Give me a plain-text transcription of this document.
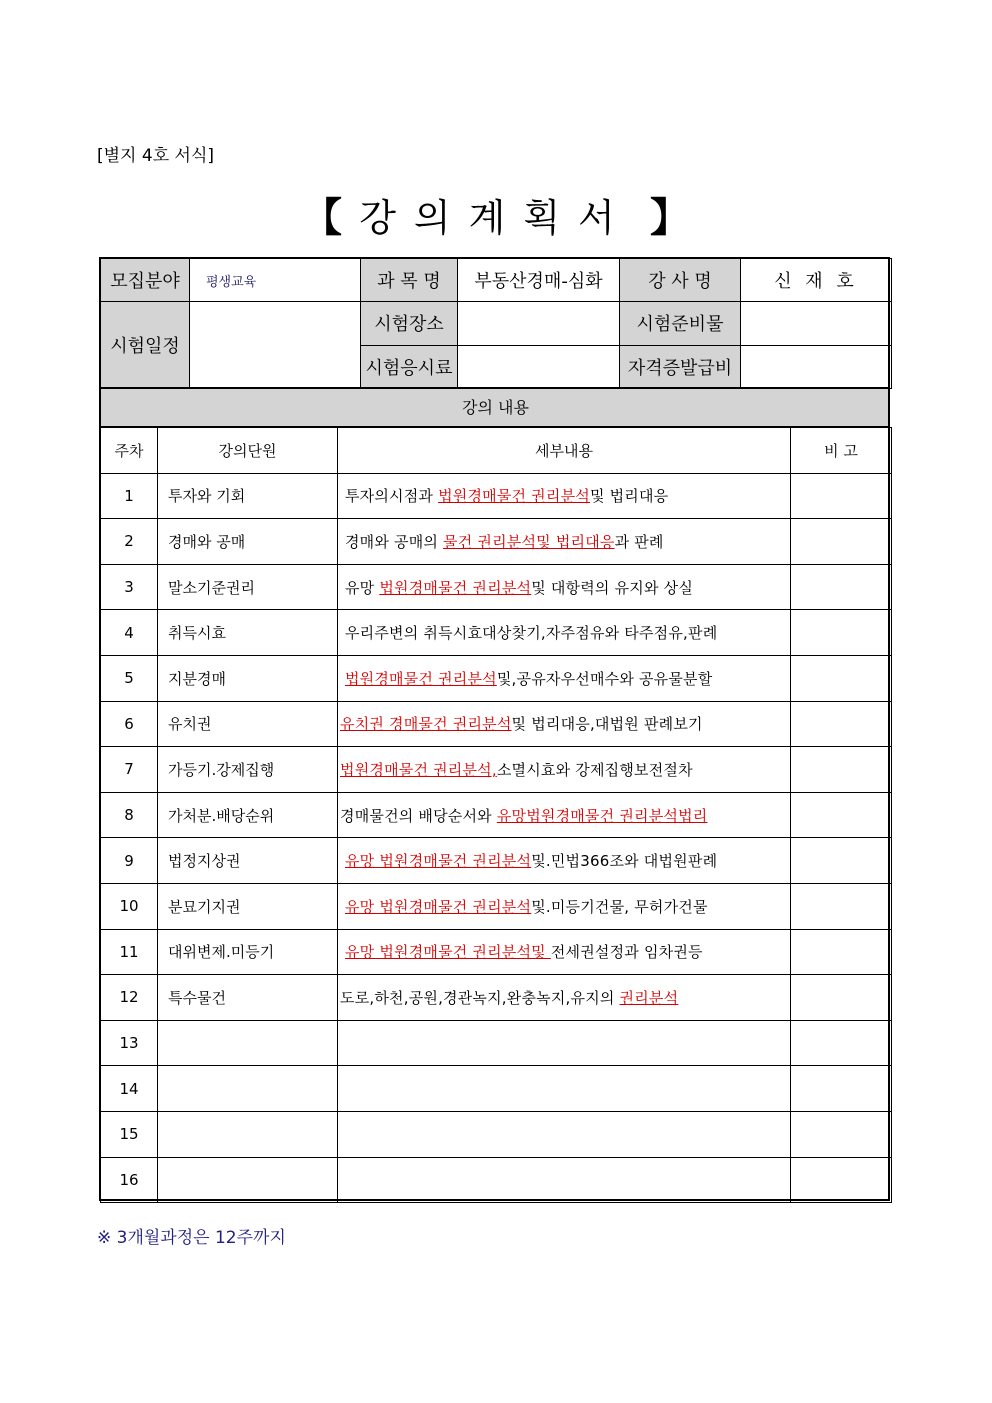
[별지 4호 서식]
【 강의계획서 】
모집분야	평생교육	과 목 명	부동산경매-심화	강 사 명	신 재 호
시험일정		시험장소		시험준비물	
		시험응시료		자격증발급비	
강의 내용
주차	강의단원	세부내용	비 고
1	투자와 기회	투자의시점과 법원경매물건 권리분석및 법리대응	
2	경매와 공매	경매와 공매의 물건 권리분석및 법리대응과 판례	
3	말소기준권리	유망 법원경매물건 권리분석및 대항력의 유지와 상실	
4	취득시효	우리주변의 취득시효대상찾기,자주점유와 타주점유,판례	
5	지분경매	법원경매물건 권리분석및,공유자우선매수와 공유물분할	
6	유치권	유치권 경매물건 권리분석및 법리대응,대법원 판례보기	
7	가등기.강제집행	법원경매물건 권리분석,소멸시효와 강제집행보전절차	
8	가처분.배당순위	경매물건의 배당순서와 유망법원경매물건 권리분석법리	
9	법정지상권	유망 법원경매물건 권리분석및.민법366조와 대법원판례	
10	분묘기지권	유망 법원경매물건 권리분석및.미등기건물, 무허가건물	
11	대위변제.미등기	유망 법원경매물건 권리분석및 전세권설정과 임차권등	
12	특수물건	도로,하천,공원,경관녹지,완충녹지,유지의 권리분석	
13			
14			
15			
16			
※ 3개월과정은 12주까지
